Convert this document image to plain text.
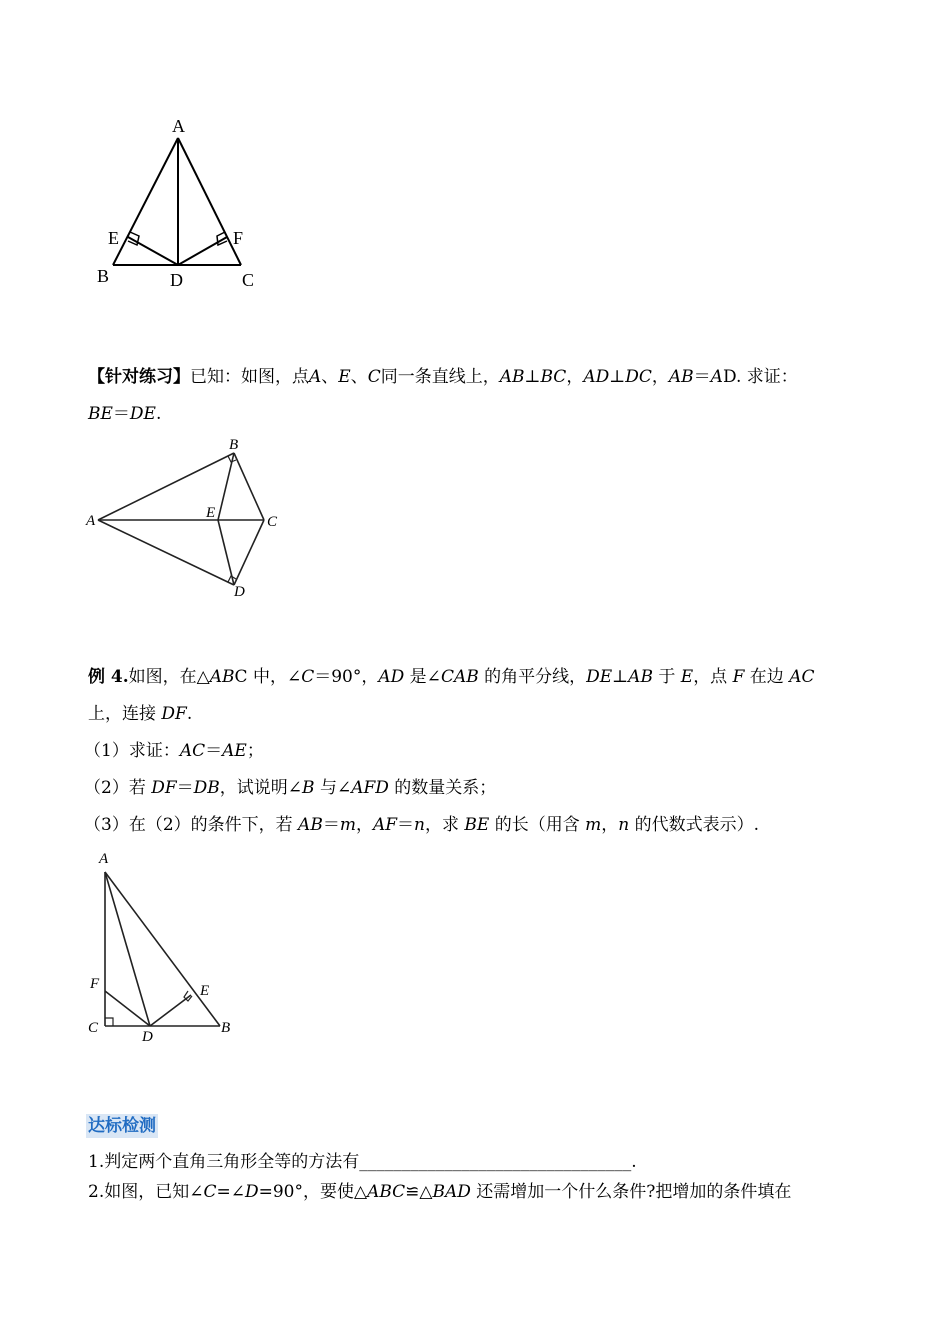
A
E	F
B	D	C
【针对练习】已知：如图，点A、E、C同一条直线上，AB⊥BC，AD⊥DC，AB＝AD. 求证：
BE＝DE.
B
A	E
C
D
例 4.如图，在△ABC 中，∠C＝90°，AD 是∠CAB 的角平分线，DE⊥AB 于 E，点 F 在边 AC
上，连接 DF.
（1）求证：AC＝AE；
（2）若 DF＝DB，试说明∠B 与∠AFD 的数量关系；
（3）在（2）的条件下，若 AB＝m，AF＝n，求 BE 的长（用含 m，n 的代数式表示）.
A
F	E
C
D
B
达标检测
1.判定两个直角三角形全等的方法有________________________________.
2.如图，已知∠C=∠D=90°，要使△ABC≌△BAD 还需增加一个什么条件?把增加的条件填在
